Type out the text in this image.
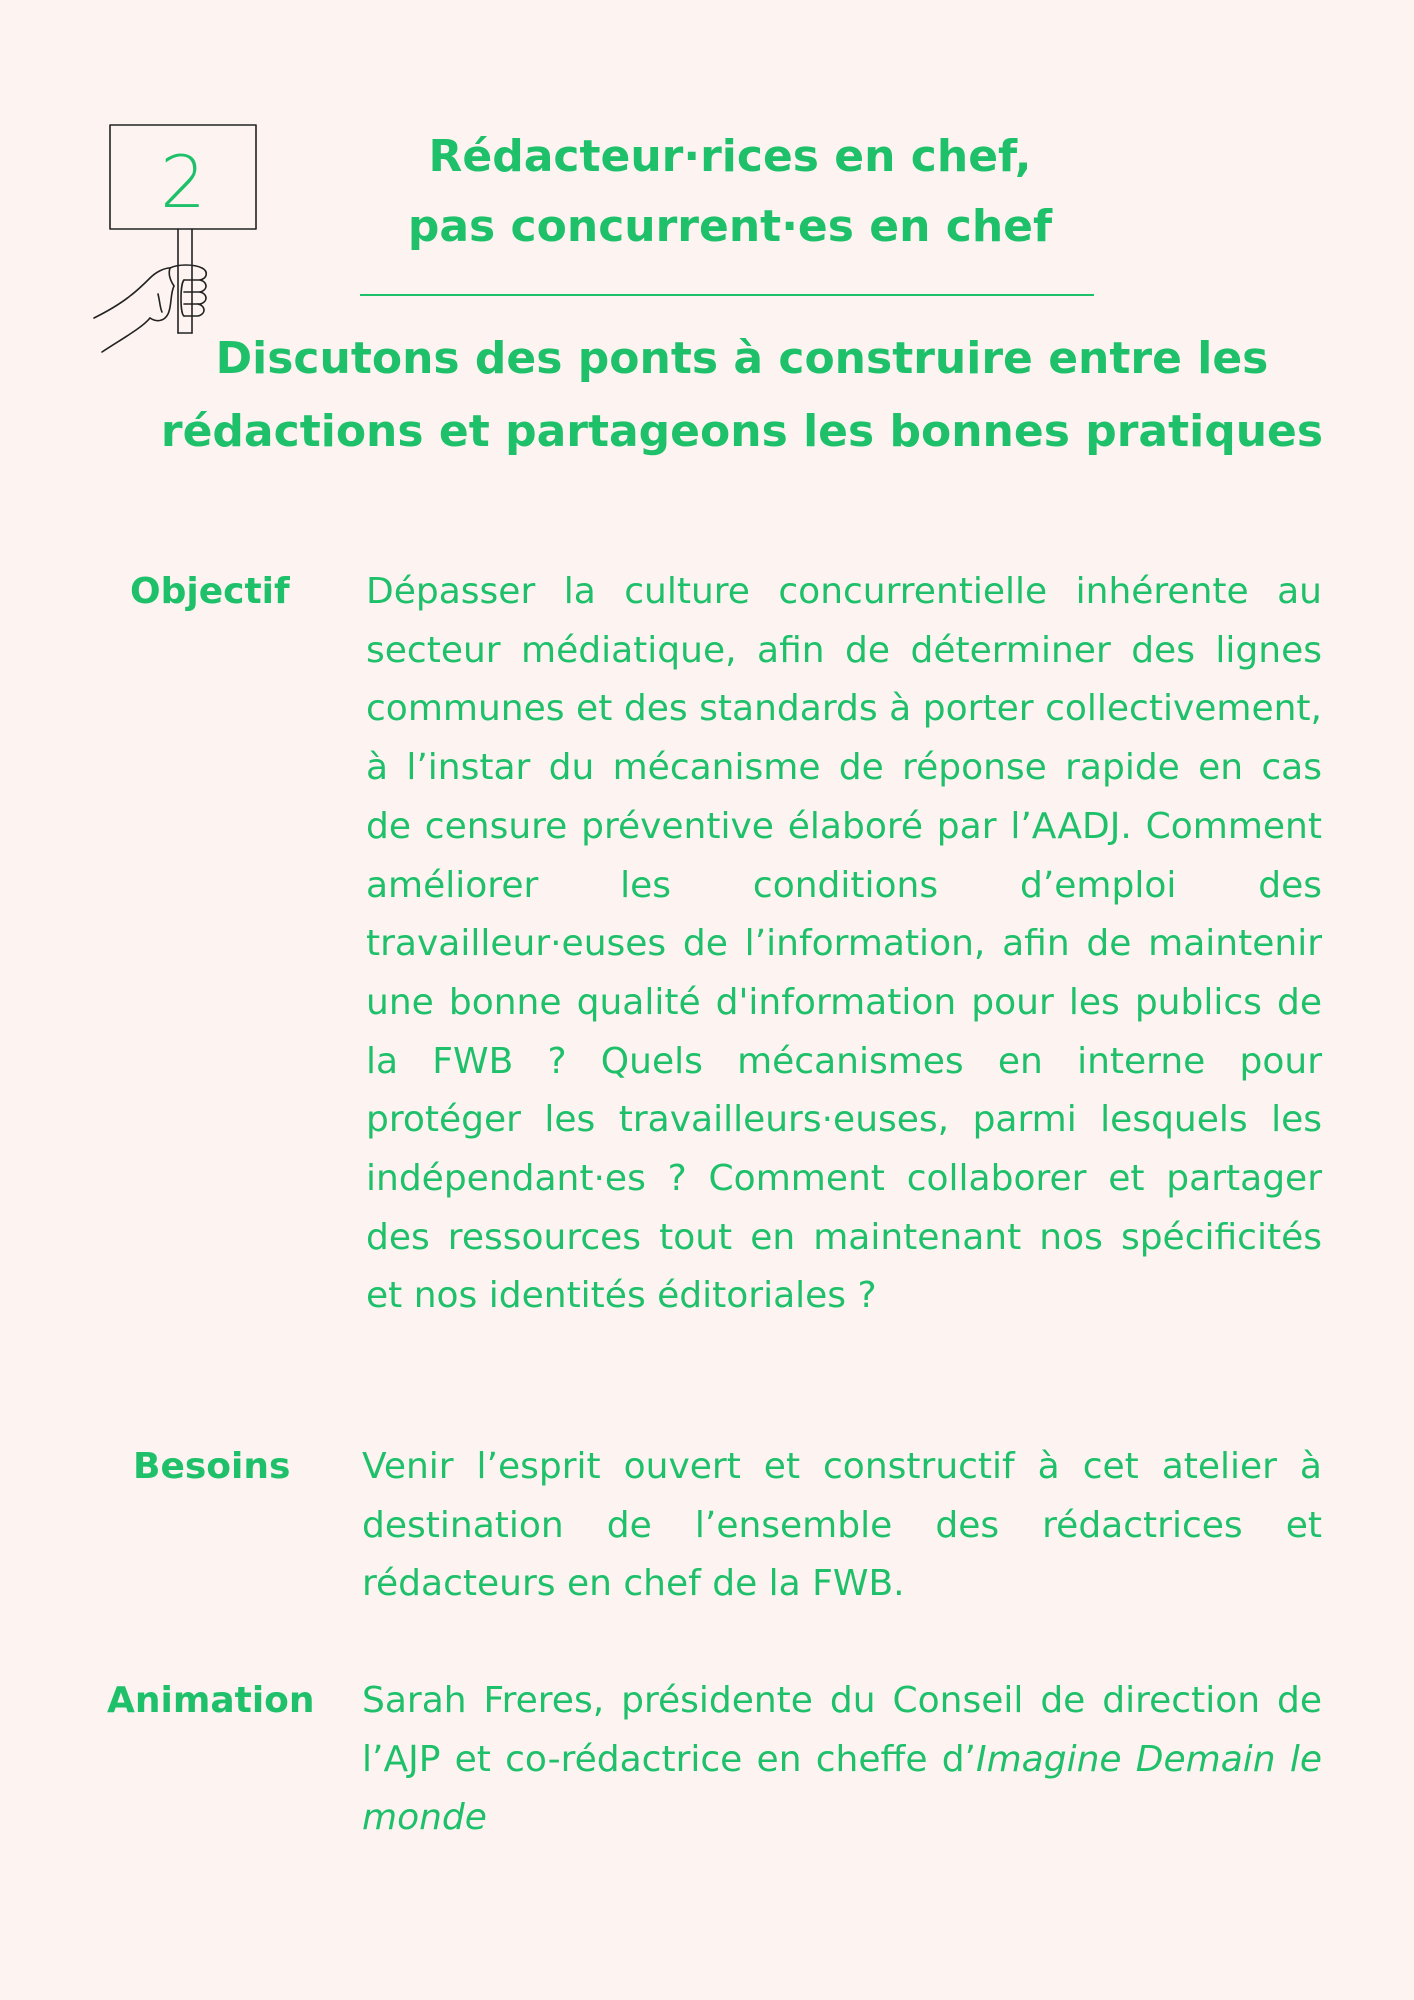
2	Rédacteur·rices en chef,
pas concurrent·es en chef
Discutons des ponts à construire entre les
rédactions et partageons les bonnes pratiques

Objectif Dépasser la culture concurrentielle inhérente au secteur médiatique, afin de déterminer des lignes communes et des standards à porter collectivement, à l’instar du mécanisme de réponse rapide en cas de censure préventive élaboré par l’AADJ. Comment améliorer les conditions d’emploi des travailleur·euses de l’information, afin de maintenir une bonne qualité d'information pour les publics de la FWB ? Quels mécanismes en interne pour protéger les travailleurs·euses, parmi lesquels les indépendant·es ? Comment collaborer et partager des ressources tout en maintenant nos spécificités et nos identités éditoriales ?

Besoins Venir l’esprit ouvert et constructif à cet atelier à destination de l’ensemble des rédactrices et rédacteurs en chef de la FWB.

Animation Sarah Freres, présidente du Conseil de direction de l’AJP et co-rédactrice en cheffe d’Imagine Demain le monde
